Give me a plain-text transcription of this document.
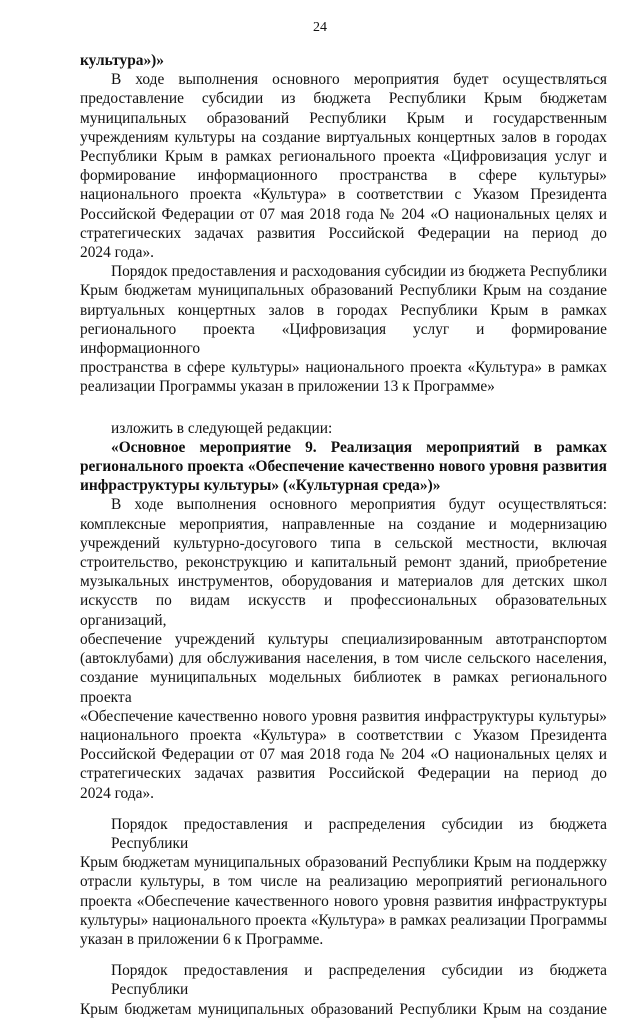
24

культура»)»

В ходе выполнения основного мероприятия будет осуществляться
предоставление субсидии из бюджета Республики Крым бюджетам
муниципальных образований Республики Крым и государственным
учреждениям культуры на создание виртуальных концертных залов в городах
Республики Крым в рамках регионального проекта «Цифровизация услуг и
формирование информационного пространства в сфере культуры»
национального проекта «Культура» в соответствии с Указом Президента
Российской Федерации от 07 мая 2018 года № 204 «О национальных целях и
стратегических задачах развития Российской Федерации на период до
2024 года».

Порядок предоставления и расходования субсидии из бюджета Республики
Крым бюджетам муниципальных образований Республики Крым на создание
виртуальных концертных залов в городах Республики Крым в рамках
регионального проекта «Цифровизация услуг и формирование информационного
пространства в сфере культуры» национального проекта «Культура» в рамках
реализации Программы указан в приложении 13 к Программе»

изложить в следующей редакции:

«Основное мероприятие 9. Реализация мероприятий в рамках
регионального проекта «Обеспечение качественно нового уровня развития
инфраструктуры культуры» («Культурная среда»)»

В ходе выполнения основного мероприятия будут осуществляться:
комплексные мероприятия, направленные на создание и модернизацию
учреждений культурно-досугового типа в сельской местности, включая
строительство, реконструкцию и капитальный ремонт зданий, приобретение
музыкальных инструментов, оборудования и материалов для детских школ
искусств по видам искусств и профессиональных образовательных организаций,
обеспечение учреждений культуры специализированным автотранспортом
(автоклубами) для обслуживания населения, в том числе сельского населения,
создание муниципальных модельных библиотек в рамках регионального проекта
«Обеспечение качественно нового уровня развития инфраструктуры культуры»
национального проекта «Культура» в соответствии с Указом Президента
Российской Федерации от 07 мая 2018 года № 204 «О национальных целях и
стратегических задачах развития Российской Федерации на период до
2024 года».

Порядок предоставления и распределения субсидии из бюджета Республики
Крым бюджетам муниципальных образований Республики Крым на поддержку
отрасли культуры, в том числе на реализацию мероприятий регионального
проекта «Обеспечение качественного нового уровня развития инфраструктуры
культуры» национального проекта «Культура» в рамках реализации Программы
указан в приложении 6 к Программе.

Порядок предоставления и распределения субсидии из бюджета Республики
Крым бюджетам муниципальных образований Республики Крым на создание
